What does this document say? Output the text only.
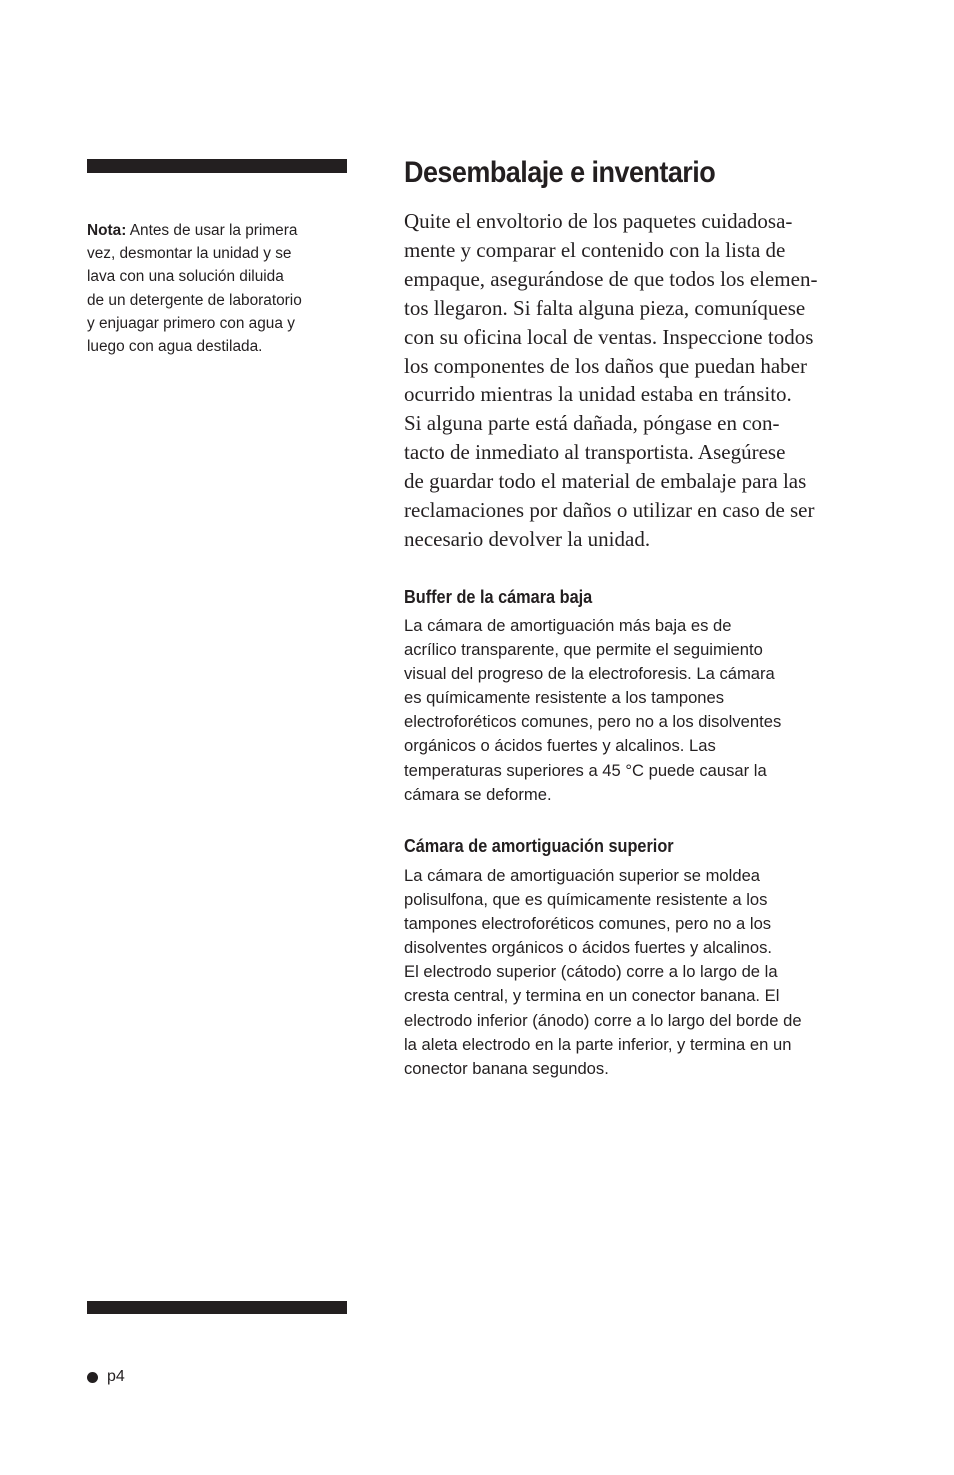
Nota: Antes de usar la primera
vez, desmontar la unidad y se
lava con una solución diluida
de un detergente de laboratorio
y enjuagar primero con agua y
luego con agua destilada.

Desembalaje e inventario

Quite el envoltorio de los paquetes cuidadosa-
mente y comparar el contenido con la lista de
empaque, asegurándose de que todos los elemen-
tos llegaron. Si falta alguna pieza, comuníquese
con su oficina local de ventas. Inspeccione todos
los componentes de los daños que puedan haber
ocurrido mientras la unidad estaba en tránsito.
Si alguna parte está dañada, póngase en con-
tacto de inmediato al transportista. Asegúrese
de guardar todo el material de embalaje para las
reclamaciones por daños o utilizar en caso de ser
necesario devolver la unidad.

Buffer de la cámara baja

La cámara de amortiguación más baja es de
acrílico transparente, que permite el seguimiento
visual del progreso de la electroforesis. La cámara
es químicamente resistente a los tampones
electroforéticos comunes, pero no a los disolventes
orgánicos o ácidos fuertes y alcalinos. Las
temperaturas superiores a 45 °C puede causar la
cámara se deforme.

Cámara de amortiguación superior

La cámara de amortiguación superior se moldea
polisulfona, que es químicamente resistente a los
tampones electroforéticos comunes, pero no a los
disolventes orgánicos o ácidos fuertes y alcalinos.
El electrodo superior (cátodo) corre a lo largo de la
cresta central, y termina en un conector banana. El
electrodo inferior (ánodo) corre a lo largo del borde de
la aleta electrodo en la parte inferior, y termina en un
conector banana segundos.

p4
